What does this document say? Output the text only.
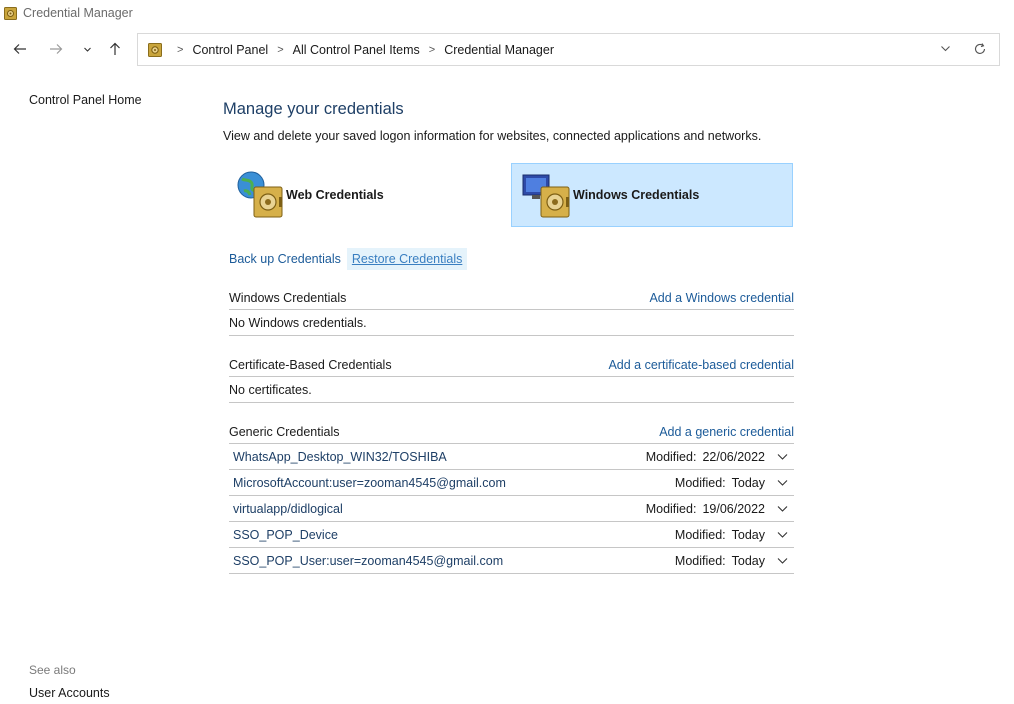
Credential Manager
> Control Panel > All Control Panel Items > Credential Manager
Control Panel Home
See also
User Accounts
Manage your credentials
View and delete your saved logon information for websites, connected applications and networks.
Web Credentials	Windows Credentials
Back up Credentials Restore Credentials
Windows Credentials	Add a Windows credential
No Windows credentials.
Certificate-Based Credentials	Add a certificate-based credential
No certificates.
Generic Credentials	Add a generic credential
WhatsApp_Desktop_WIN32/TOSHIBA	Modified: 22/06/2022
MicrosoftAccount:user=zooman4545@gmail.com	Modified: Today
virtualapp/didlogical	Modified: 19/06/2022
SSO_POP_Device	Modified: Today
SSO_POP_User:user=zooman4545@gmail.com	Modified: Today
